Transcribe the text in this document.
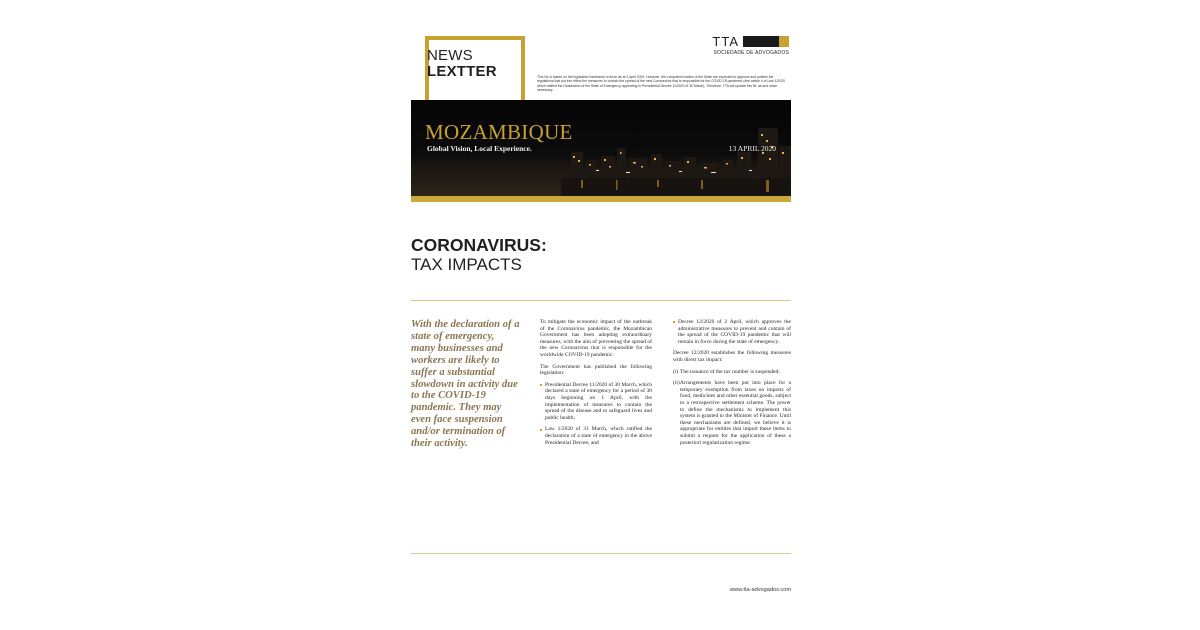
NEWS
LEXTTER
TTA
SOCIEDADE DE ADVOGADOS
This NL is based on the legislative framework in force as at 2 April 2020. However, the competent bodies of the State are expected to approve and publish the regulations that put into effect the measures to contain the spread of the new Coronavirus that is responsible for the COVID-19 pandemic (see article 4 of Law 1/2020 which ratified the Declaration of the State of Emergency, appearing in Presidential Decree 11/2020 of 30 March). Therefore, TTA will update this NL as and when necessary.
MOZAMBIQUE
Global Vision, Local Experience.	13 APRIL 2020
CORONAVIRUS:
TAX IMPACTS
With the declaration of a state of emergency, many businesses and workers are likely to suffer a substantial slowdown in activity due to the COVID-19 pandemic. They may even face suspension and/or termination of their activity.

To mitigate the economic impact of the outbreak of the Coronavirus pandemic, the Mozambican Government has been adopting extraordinary measures, with the aim of preventing the spread of the new Coronavirus that is responsible for the worldwide COVID-19 pandemic.

The Government has published the following legislation:

Presidential Decree 11/2020 of 30 March, which declared a state of emergency for a period of 30 days beginning on 1 April, with the implementation of measures to contain the spread of the disease and to safeguard lives and public health;
Law 1/2020 of 31 March, which ratified the declaration of a state of emergency in the above Presidential Decree; and
Decree 12/2020 of 2 April, which approves the administrative measures to prevent and contain of the spread of the COVID-19 pandemic that will remain in force during the state of emergency.

Decree 12/2020 establishes the following measures with direct tax impact:

(i) The issuance of the tax number is suspended;
(ii) Arrangements have been put into place for a temporary exemption from taxes on imports of food, medicines and other essential goods, subject to a retrospective settlement scheme. The power to define the mechanisms to implement this system is granted to the Minister of Finance. Until these mechanisms are defined, we believe it is appropriate for entities that import these items to submit a request for the application of these a posteriori regularization regime.
www.tta-advogados.com
